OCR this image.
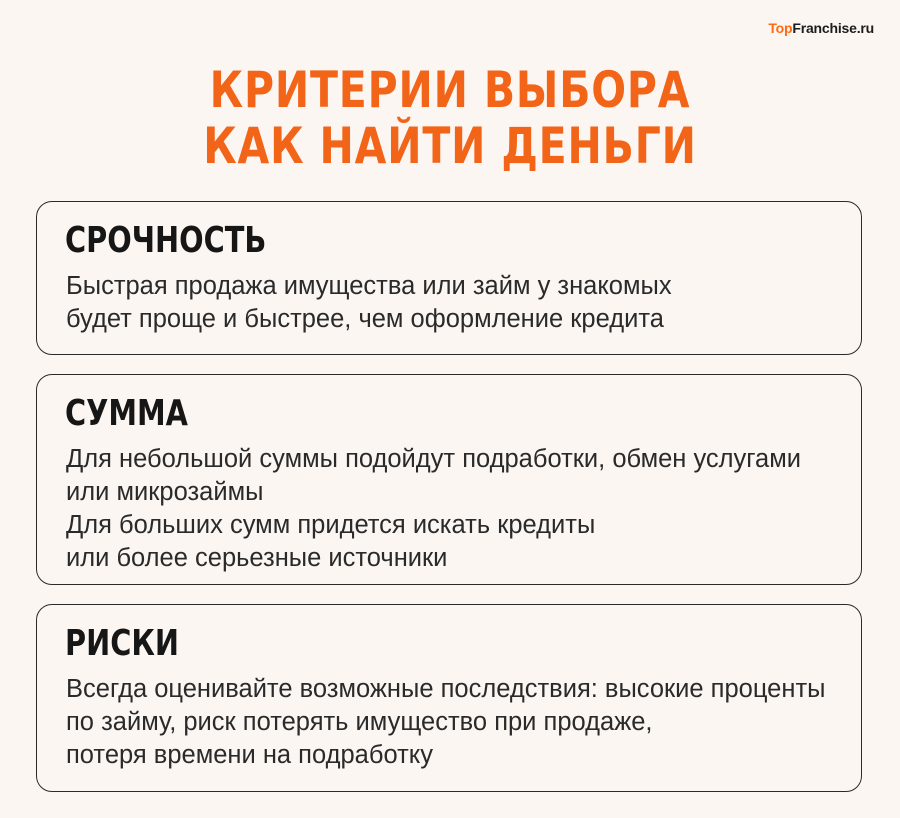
TopFranchise.ru
КРИТЕРИИ ВЫБОРА
КАК НАЙТИ ДЕНЬГИ
СРОЧНОСТЬ
Быстрая продажа имущества или займ у знакомых
будет проще и быстрее, чем оформление кредита
СУММА
Для небольшой суммы подойдут подработки, обмен услугами
или микрозаймы
Для больших сумм придется искать кредиты
или более серьезные источники
РИСКИ
Всегда оценивайте возможные последствия: высокие проценты
по займу, риск потерять имущество при продаже,
потеря времени на подработку
